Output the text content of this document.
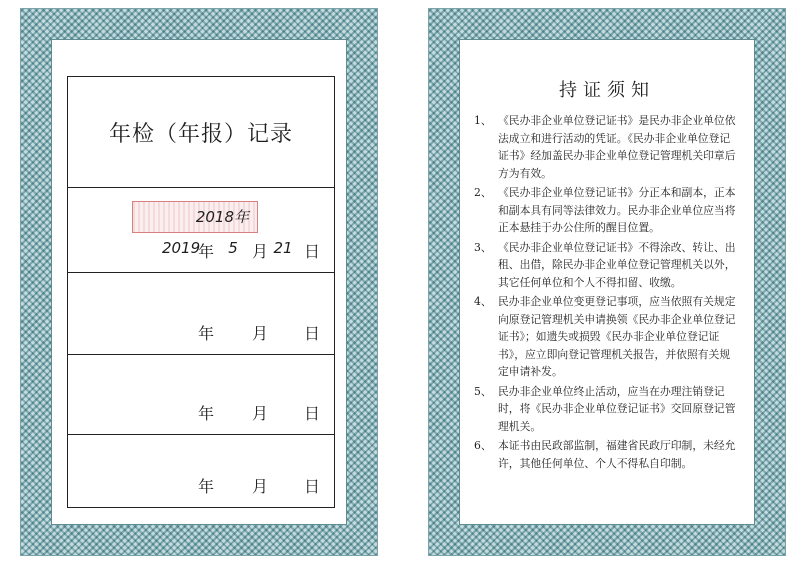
年检（年报）记录
2018年
2019
年 5 月 21 日
年 月 日
年 月 日
年 月 日
持证须知
1、 《民办非企业单位登记证书》是民办非企业单位依法成立和进行活动的凭证。《民办非企业单位登记证书》经加盖民办非企业单位登记管理机关印章后方为有效。
2、 《民办非企业单位登记证书》分正本和副本，正本和副本具有同等法律效力。民办非企业单位应当将正本悬挂于办公住所的醒目位置。
3、 《民办非企业单位登记证书》不得涂改、转让、出租、出借，除民办非企业单位登记管理机关以外，其它任何单位和个人不得扣留、收缴。
4、 民办非企业单位变更登记事项，应当依照有关规定向原登记管理机关申请换领《民办非企业单位登记证书》；如遗失或损毁《民办非企业单位登记证书》，应立即向登记管理机关报告，并依照有关规定申请补发。
5、 民办非企业单位终止活动，应当在办理注销登记时，将《民办非企业单位登记证书》交回原登记管理机关。
6、 本证书由民政部监制，福建省民政厅印制，未经允许，其他任何单位、个人不得私自印制。
